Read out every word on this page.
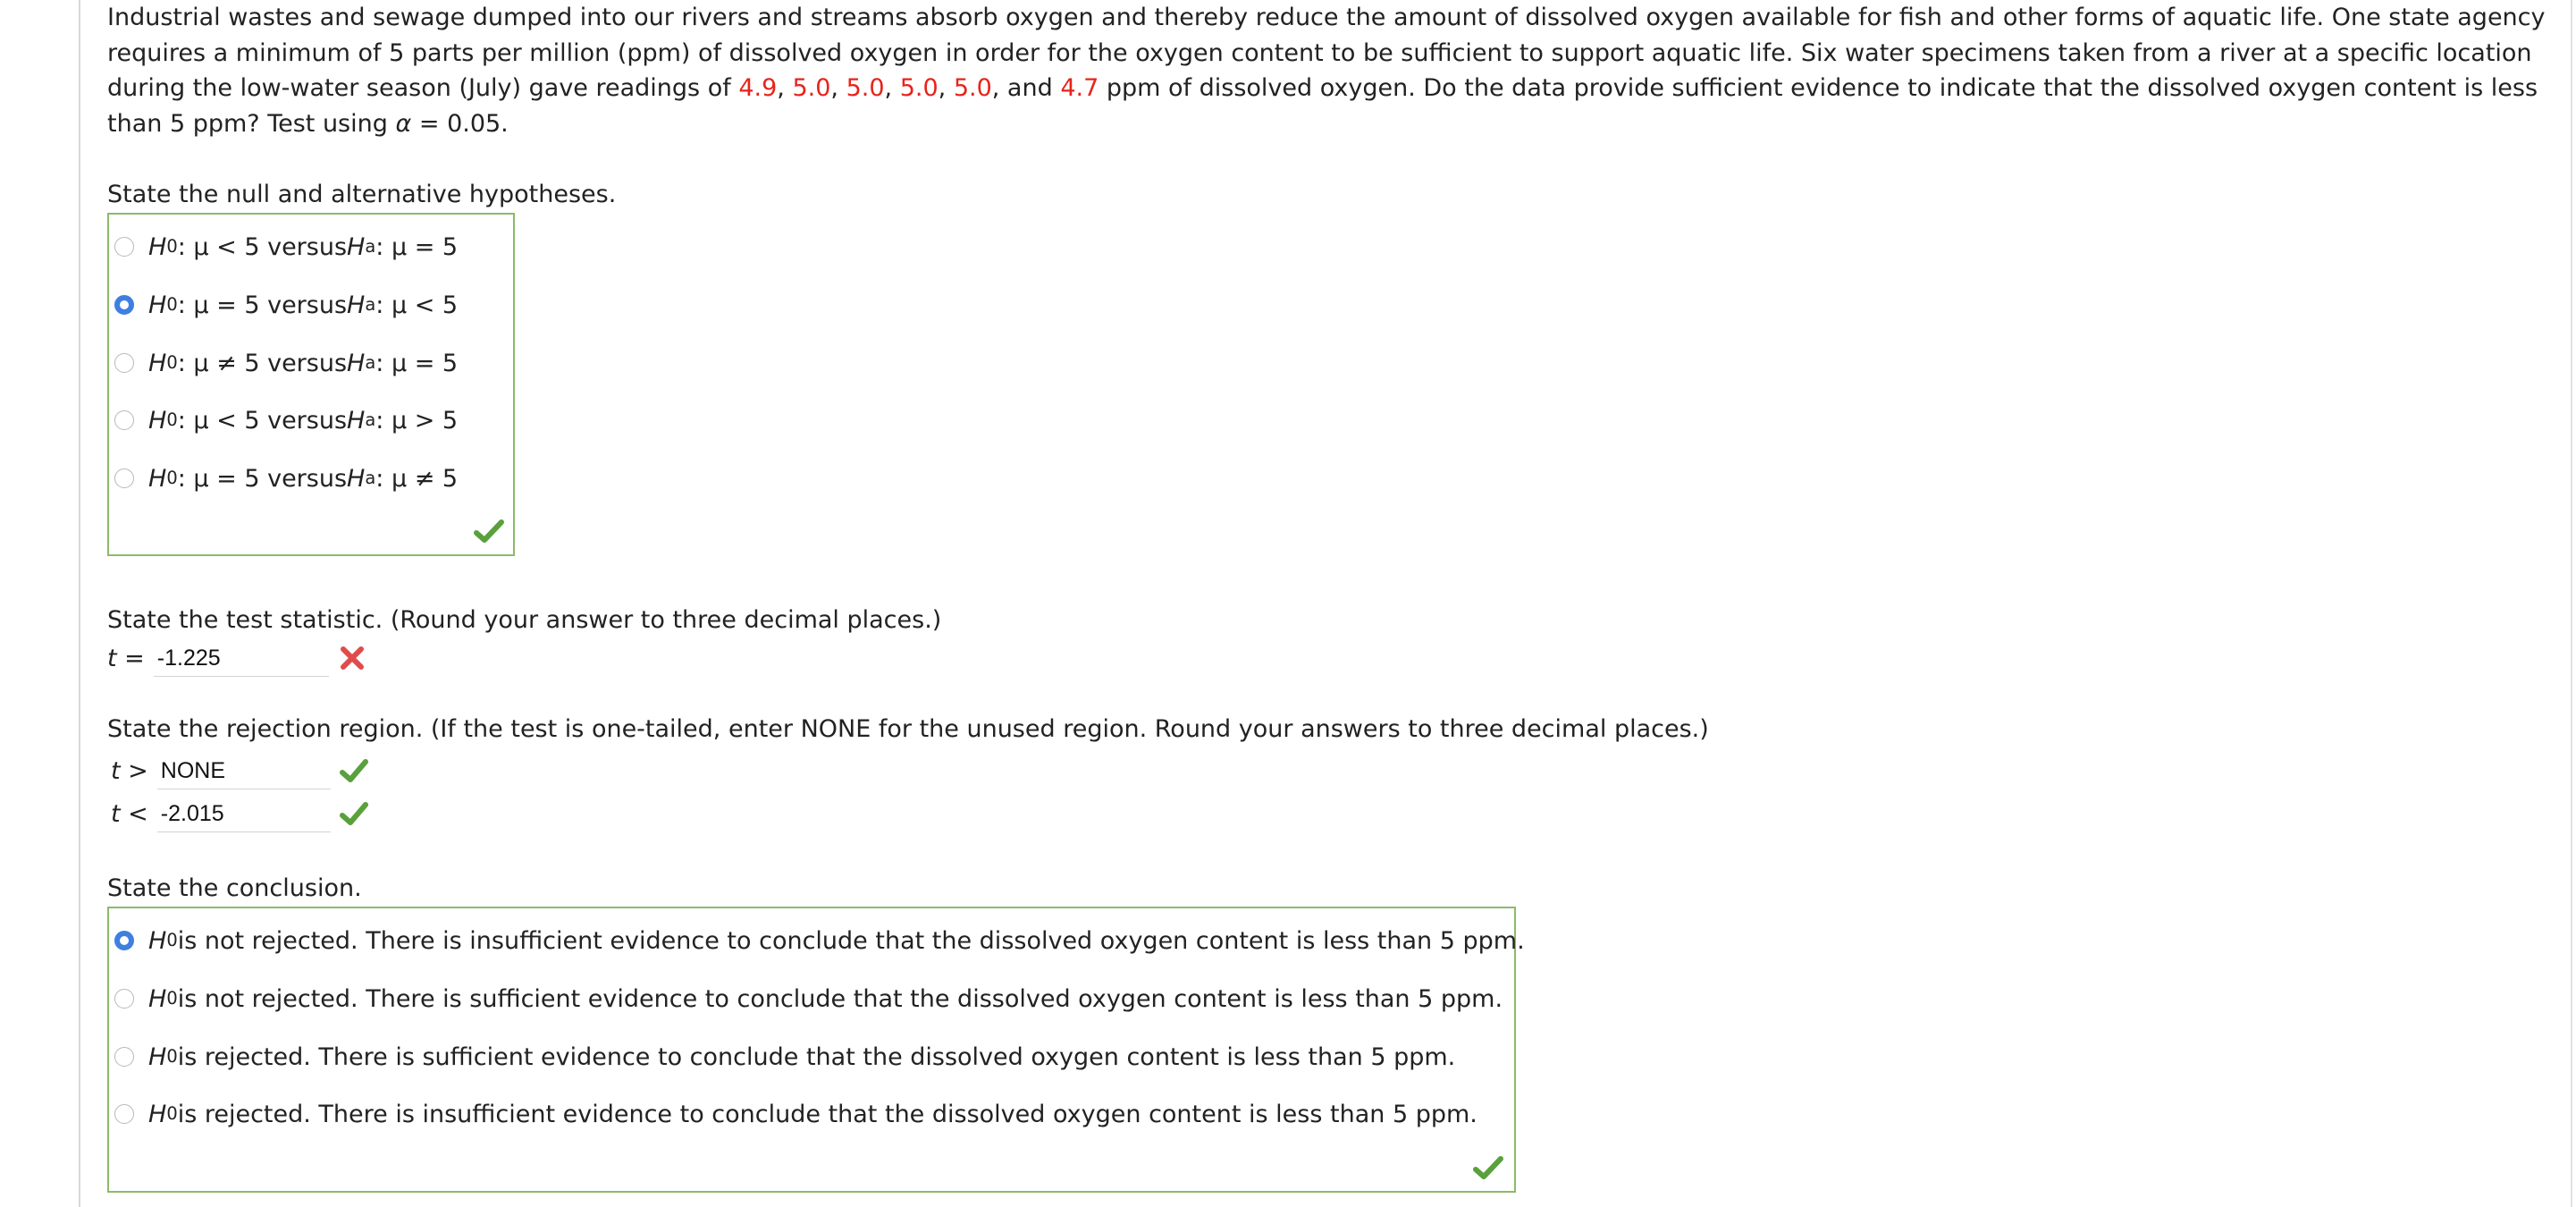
Industrial wastes and sewage dumped into our rivers and streams absorb oxygen and thereby reduce the amount of dissolved oxygen available for fish and other forms of aquatic life. One state agency requires a minimum of 5 parts per million (ppm) of dissolved oxygen in order for the oxygen content to be sufficient to support aquatic life. Six water specimens taken from a river at a specific location during the low-water season (July) gave readings of 4.9, 5.0, 5.0, 5.0, 5.0, and 4.7 ppm of dissolved oxygen. Do the data provide sufficient evidence to indicate that the dissolved oxygen content is less than 5 ppm? Test using α = 0.05.

State the null and alternative hypotheses.
H 0 : μ < 5 versus H a : μ = 5
H 0 : μ = 5 versus H a : μ < 5
H 0 : μ ≠ 5 versus H a : μ = 5
H 0 : μ < 5 versus H a : μ > 5
H 0 : μ = 5 versus H a : μ ≠ 5
State the test statistic. (Round your answer to three decimal places.)
t =
-1.225
State the rejection region. (If the test is one-tailed, enter NONE for the unused region. Round your answers to three decimal places.)
t >
NONE
t <
-2.015
State the conclusion.
H 0 is not rejected. There is insufficient evidence to conclude that the dissolved oxygen content is less than 5 ppm.
H 0 is not rejected. There is sufficient evidence to conclude that the dissolved oxygen content is less than 5 ppm.
H 0 is rejected. There is sufficient evidence to conclude that the dissolved oxygen content is less than 5 ppm.
H 0 is rejected. There is insufficient evidence to conclude that the dissolved oxygen content is less than 5 ppm.
